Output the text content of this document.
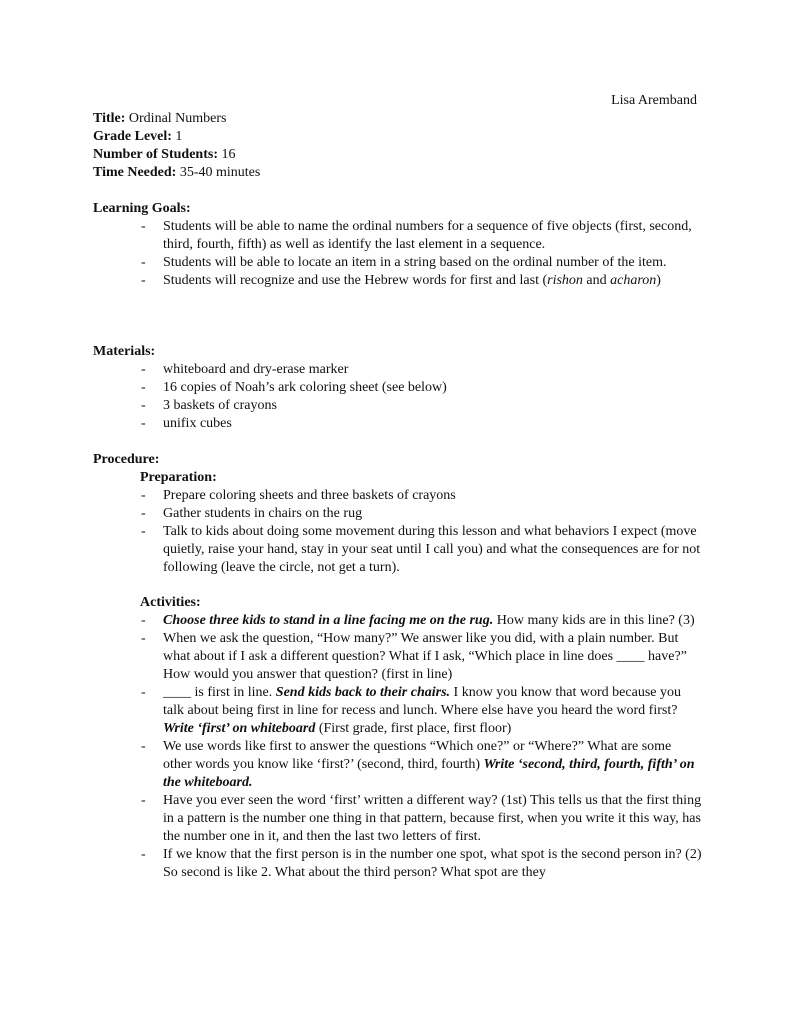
Lisa Aremband
Title: Ordinal Numbers
Grade Level: 1
Number of Students: 16
Time Needed: 35-40 minutes
Learning Goals:
- Students will be able to name the ordinal numbers for a sequence of five objects (first, second, third, fourth, fifth) as well as identify the last element in a sequence.
- Students will be able to locate an item in a string based on the ordinal number of the item.
- Students will recognize and use the Hebrew words for first and last (rishon and acharon)
Materials:
- whiteboard and dry-erase marker
- 16 copies of Noah’s ark coloring sheet (see below)
- 3 baskets of crayons
- unifix cubes
Procedure:
Preparation:
- Prepare coloring sheets and three baskets of crayons
- Gather students in chairs on the rug
- Talk to kids about doing some movement during this lesson and what behaviors I expect (move quietly, raise your hand, stay in your seat until I call you) and what the consequences are for not following (leave the circle, not get a turn).
Activities:
- Choose three kids to stand in a line facing me on the rug. How many kids are in this line? (3)
- When we ask the question, “How many?” We answer like you did, with a plain number. But what about if I ask a different question? What if I ask, “Which place in line does ____ have?” How would you answer that question? (first in line)
- ____ is first in line. Send kids back to their chairs. I know you know that word because you talk about being first in line for recess and lunch. Where else have you heard the word first? Write ‘first’ on whiteboard (First grade, first place, first floor)
- We use words like first to answer the questions “Which one?” or “Where?” What are some other words you know like ‘first?’ (second, third, fourth) Write ‘second, third, fourth, fifth’ on the whiteboard.
- Have you ever seen the word ‘first’ written a different way? (1st) This tells us that the first thing in a pattern is the number one thing in that pattern, because first, when you write it this way, has the number one in it, and then the last two letters of first.
- If we know that the first person is in the number one spot, what spot is the second person in? (2) So second is like 2. What about the third person? What spot are they
